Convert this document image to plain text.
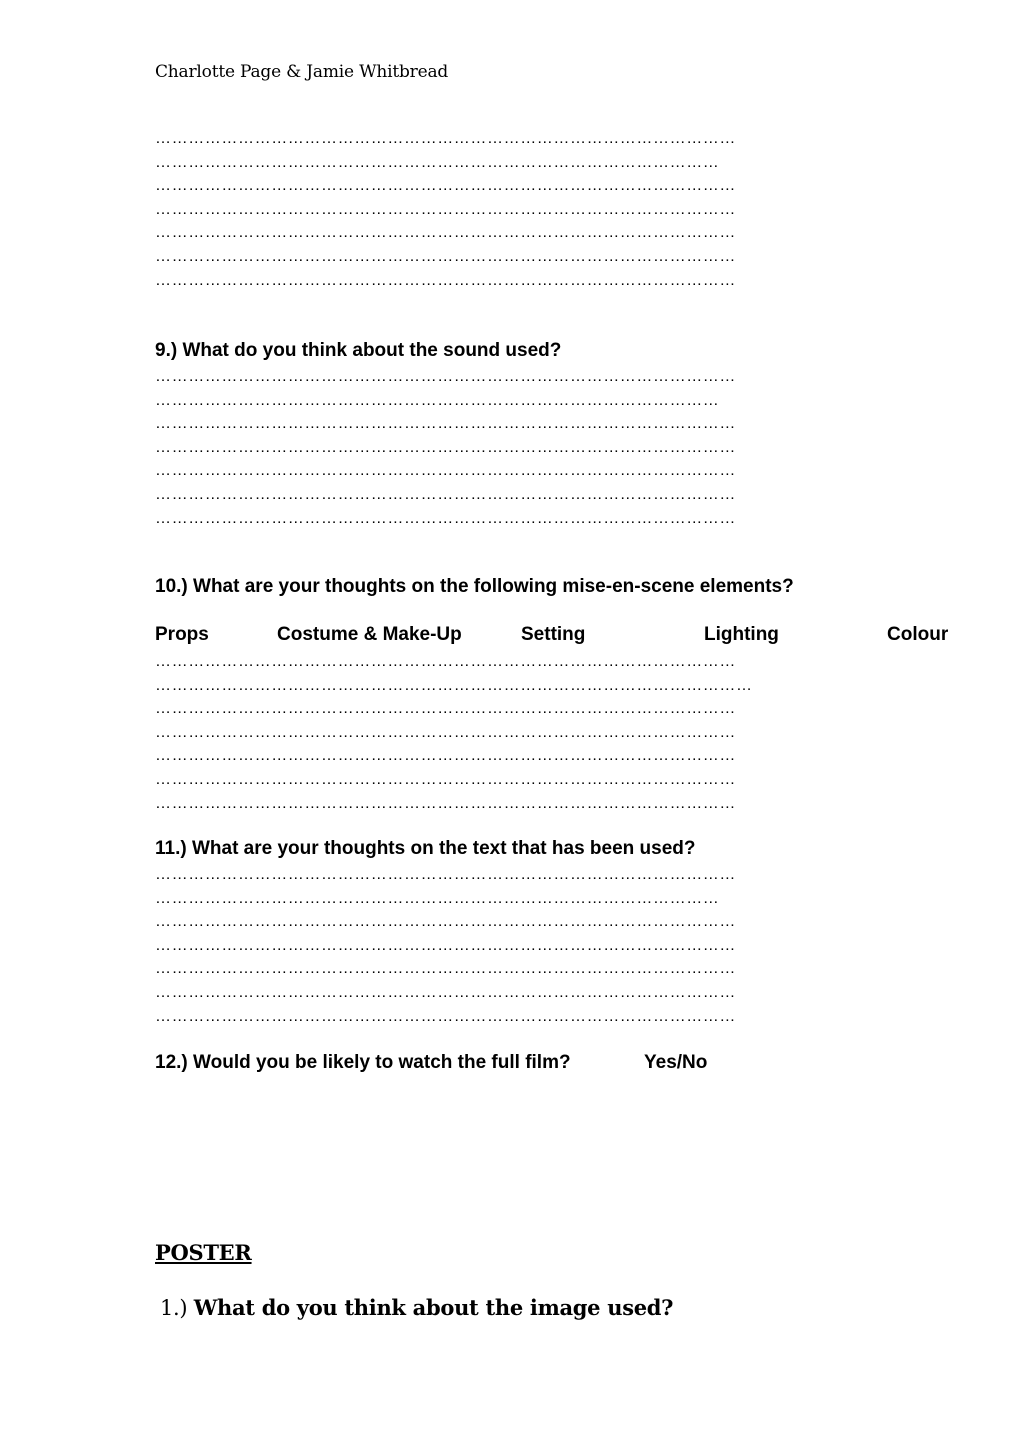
Charlotte Page & Jamie Whitbread
……………………………………………………………………………………………
…………………………………………………………………………………………
……………………………………………………………………………………………
……………………………………………………………………………………………
……………………………………………………………………………………………
……………………………………………………………………………………………
……………………………………………………………………………………………
9.) What do you think about the sound used?
……………………………………………………………………………………………
…………………………………………………………………………………………
……………………………………………………………………………………………
……………………………………………………………………………………………
……………………………………………………………………………………………
……………………………………………………………………………………………
……………………………………………………………………………………………
10.) What are your thoughts on the following mise-en-scene elements?
Props	Costume & Make-Up	Setting	Lighting	Colour
……………………………………………………………………………………………
………………………………………………………………………………………………
……………………………………………………………………………………………
……………………………………………………………………………………………
……………………………………………………………………………………………
……………………………………………………………………………………………
……………………………………………………………………………………………
11.) What are your thoughts on the text that has been used?
……………………………………………………………………………………………
…………………………………………………………………………………………
……………………………………………………………………………………………
……………………………………………………………………………………………
……………………………………………………………………………………………
……………………………………………………………………………………………
……………………………………………………………………………………………
12.) Would you be likely to watch the full film?	Yes/No
POSTER
1.) What do you think about the image used?
